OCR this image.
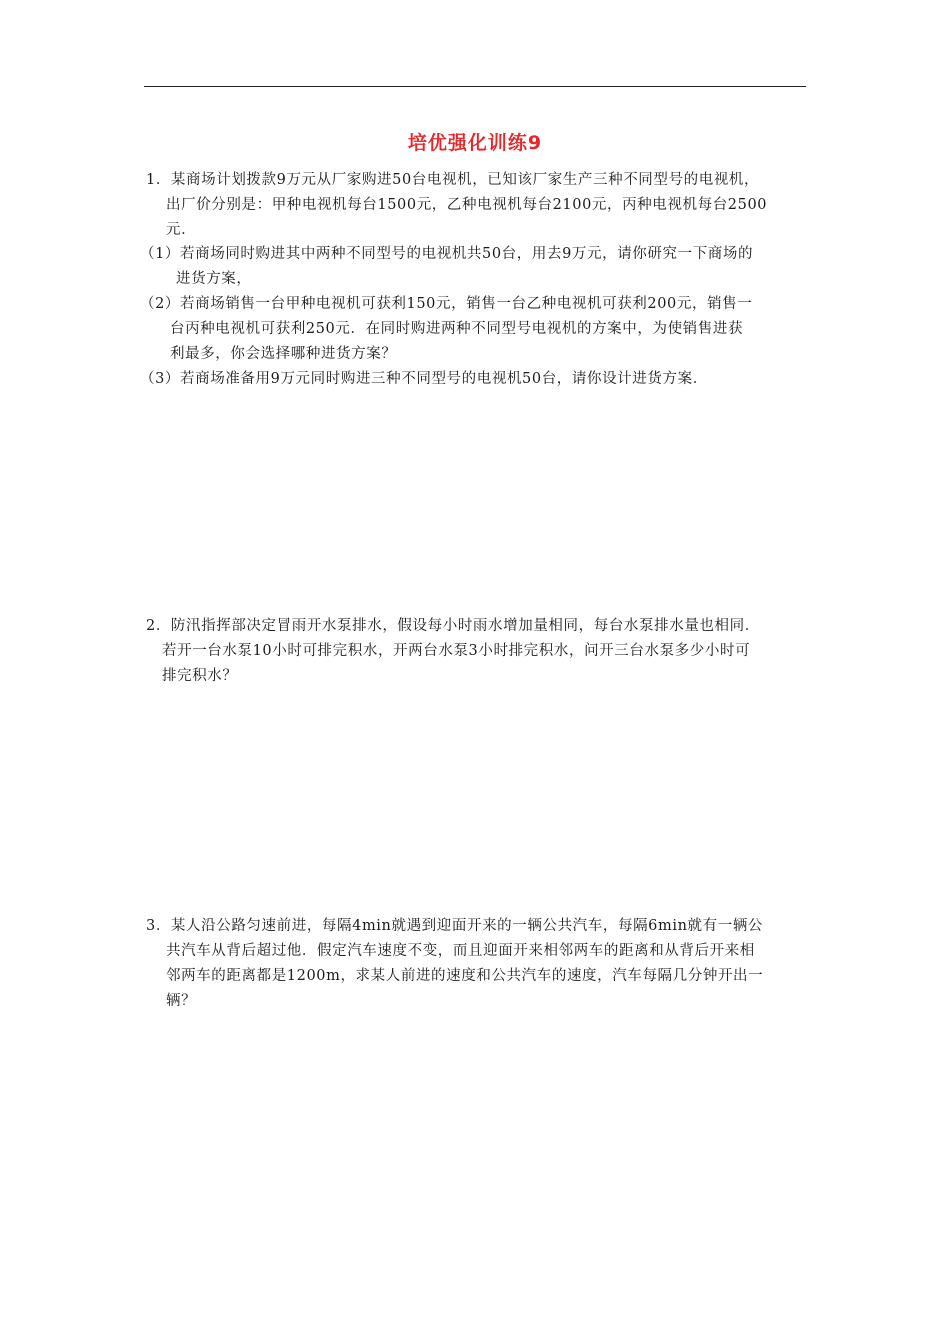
培优强化训练9
1．某商场计划拨款9万元从厂家购进50台电视机，已知该厂家生产三种不同型号的电视机，
出厂价分别是：甲种电视机每台1500元，乙种电视机每台2100元，丙种电视机每台2500
元．
（1）若商场同时购进其中两种不同型号的电视机共50台，用去9万元，请你研究一下商场的
进货方案，
（2）若商场销售一台甲种电视机可获利150元，销售一台乙种电视机可获利200元，销售一
台丙种电视机可获利250元．在同时购进两种不同型号电视机的方案中，为使销售进获
利最多，你会选择哪种进货方案？
（3）若商场准备用9万元同时购进三种不同型号的电视机50台，请你设计进货方案．
2．防汛指挥部决定冒雨开水泵排水，假设每小时雨水增加量相同，每台水泵排水量也相同．
若开一台水泵10小时可排完积水，开两台水泵3小时排完积水，问开三台水泵多少小时可
排完积水？
3．某人沿公路匀速前进，每隔4min就遇到迎面开来的一辆公共汽车，每隔6min就有一辆公
共汽车从背后超过他．假定汽车速度不变，而且迎面开来相邻两车的距离和从背后开来相
邻两车的距离都是1200m，求某人前进的速度和公共汽车的速度，汽车每隔几分钟开出一
辆？
